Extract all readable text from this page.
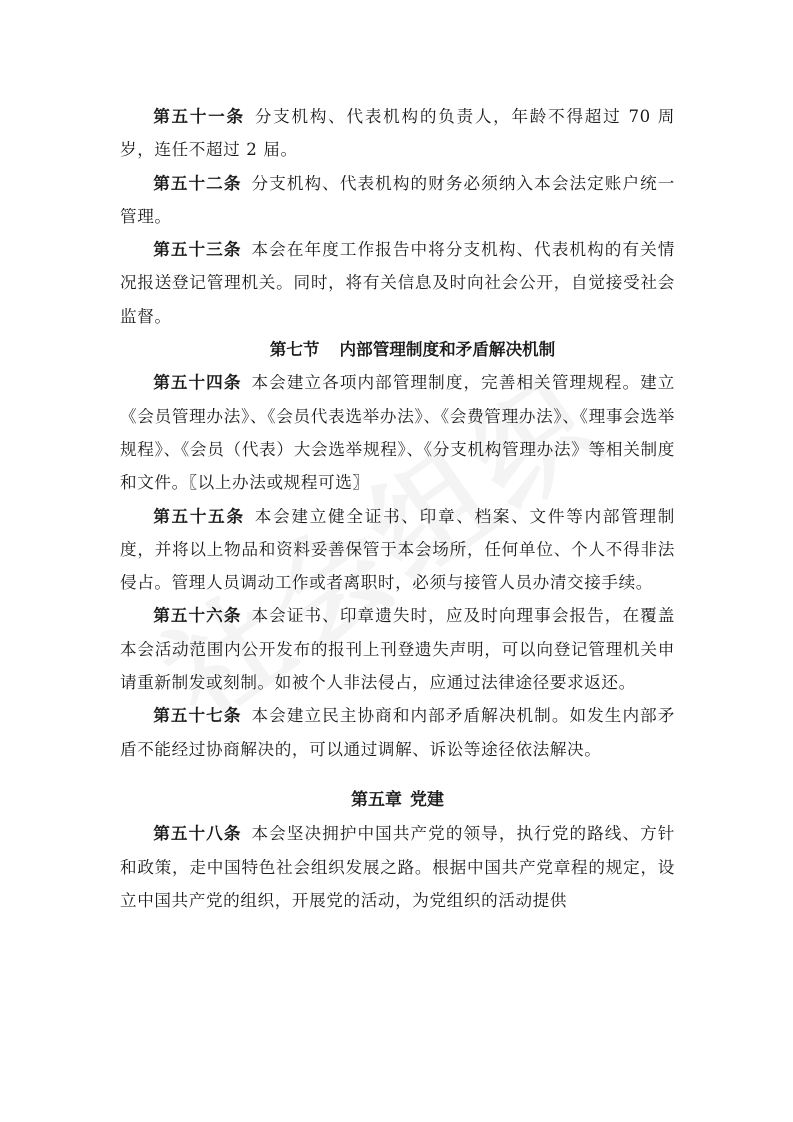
第五十一条 分支机构、代表机构的负责人，年龄不得超过 70 周岁，连任不超过 2 届。

第五十二条 分支机构、代表机构的财务必须纳入本会法定账户统一管理。

第五十三条 本会在年度工作报告中将分支机构、代表机构的有关情况报送登记管理机关。同时，将有关信息及时向社会公开，自觉接受社会监督。

第七节 内部管理制度和矛盾解决机制

第五十四条 本会建立各项内部管理制度，完善相关管理规程。建立《会员管理办法》、《会员代表选举办法》、《会费管理办法》、《理事会选举规程》、《会员（代表）大会选举规程》、《分支机构管理办法》等相关制度和文件。〖以上办法或规程可选〗

第五十五条 本会建立健全证书、印章、档案、文件等内部管理制度，并将以上物品和资料妥善保管于本会场所，任何单位、个人不得非法侵占。管理人员调动工作或者离职时，必须与接管人员办清交接手续。

第五十六条 本会证书、印章遗失时，应及时向理事会报告，在覆盖本会活动范围内公开发布的报刊上刊登遗失声明，可以向登记管理机关申请重新制发或刻制。如被个人非法侵占，应通过法律途径要求返还。

第五十七条 本会建立民主协商和内部矛盾解决机制。如发生内部矛盾不能经过协商解决的，可以通过调解、诉讼等途径依法解决。

第五章 党建

第五十八条 本会坚决拥护中国共产党的领导，执行党的路线、方针和政策，走中国特色社会组织发展之路。根据中国共产党章程的规定，设立中国共产党的组织，开展党的活动，为党组织的活动提供
